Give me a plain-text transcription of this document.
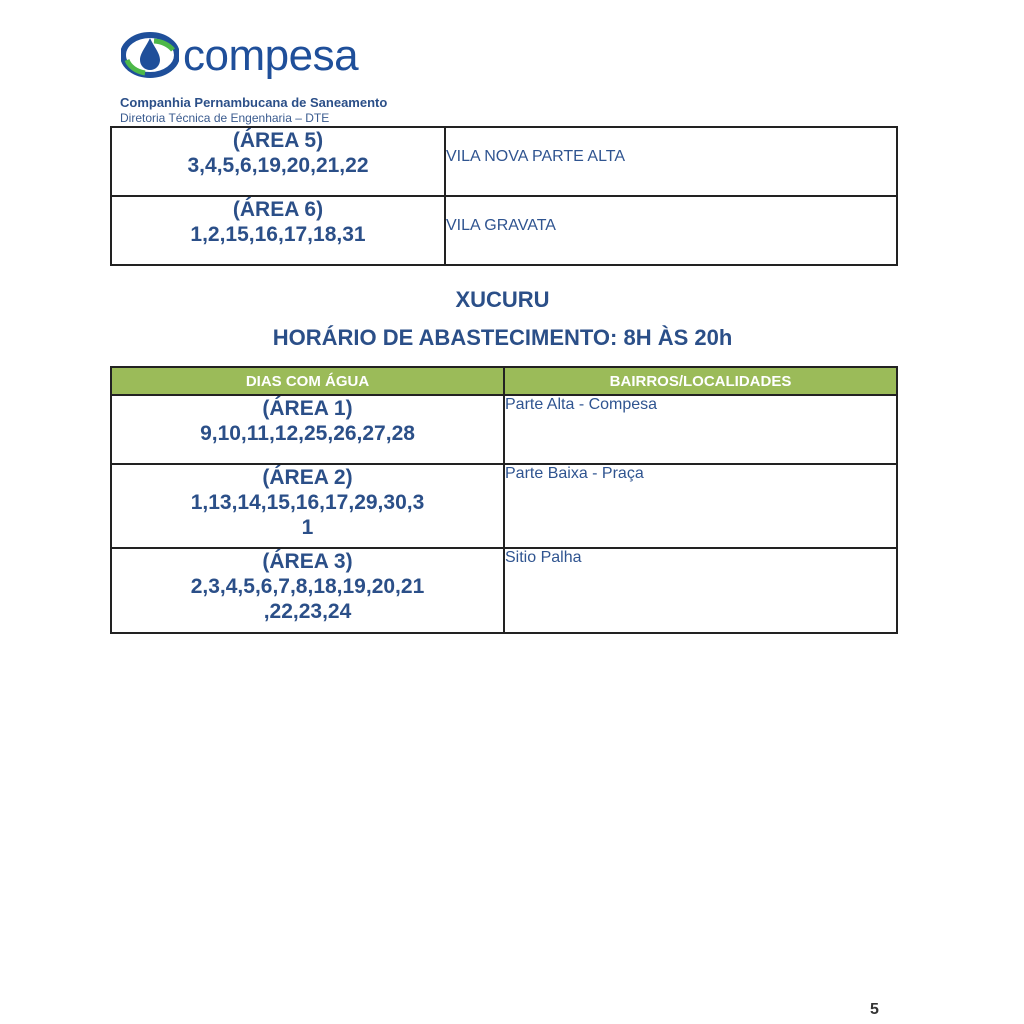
compesa
Companhia Pernambucana de Saneamento
Diretoria Técnica de Engenharia – DTE
(ÁREA 5)
3,4,5,6,19,20,21,22	VILA NOVA PARTE ALTA

(ÁREA 6)
1,2,15,16,17,18,31	VILA GRAVATA
XUCURU
HORÁRIO DE ABASTECIMENTO: 8H ÀS 20h
DIAS COM ÁGUA	BAIRROS/LOCALIDADES

(ÁREA 1)
9,10,11,12,25,26,27,28	Parte Alta - Compesa

(ÁREA 2)
1,13,14,15,16,17,29,30,3
1	Parte Baixa - Praça

(ÁREA 3)
2,3,4,5,6,7,8,18,19,20,21
,22,23,24	Sitio Palha
5
